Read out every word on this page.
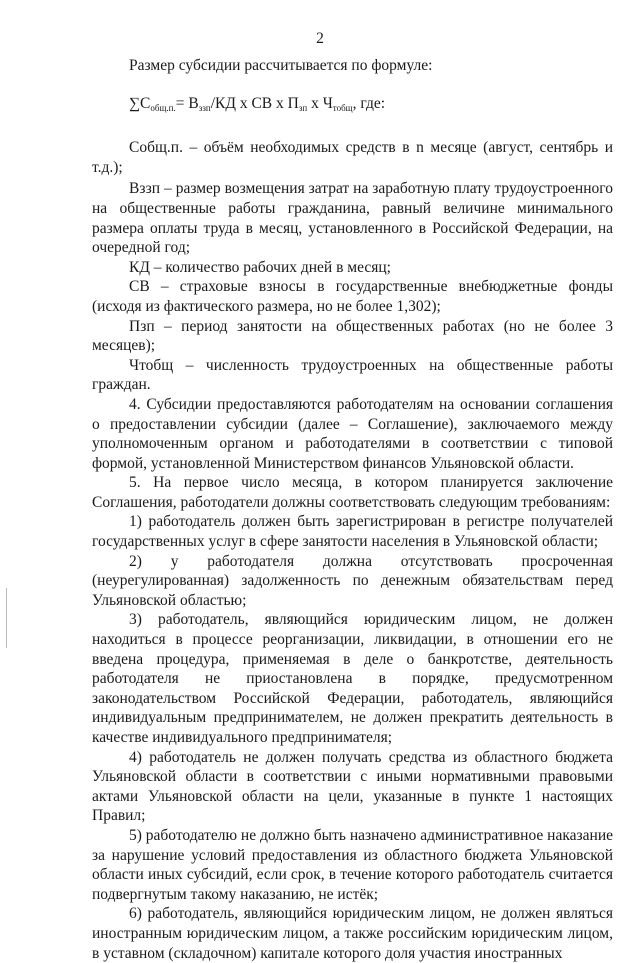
2

Размер субсидии рассчитывается по формуле:

$\sum С_{общ.п.}= В_{ззп}/КД$ х СВ х $П_{зп}$ х $Ч_{тобщ}$, где:

Собщ.п. – объём необходимых средств в n месяце (август, сентябрь и т.д.);

Вззп – размер возмещения затрат на заработную плату трудоустроенного на общественные работы гражданина, равный величине минимального размера оплаты труда в месяц, установленного в Российской Федерации, на очередной год;

КД – количество рабочих дней в месяц;

СВ – страховые взносы в государственные внебюджетные фонды (исходя из фактического размера, но не более 1,302);

Пзп – период занятости на общественных работах (но не более 3 месяцев);

Чтобщ – численность трудоустроенных на общественные работы граждан.

4. Субсидии предоставляются работодателям на основании соглашения о предоставлении субсидии (далее – Соглашение), заключаемого между уполномоченным органом и работодателями в соответствии с типовой формой, установленной Министерством финансов Ульяновской области.

5. На первое число месяца, в котором планируется заключение Соглашения, работодатели должны соответствовать следующим требованиям:

1) работодатель должен быть зарегистрирован в регистре получателей государственных услуг в сфере занятости населения в Ульяновской области;

2) у работодателя должна отсутствовать просроченная (неурегулированная) задолженность по денежным обязательствам перед Ульяновской областью;

3) работодатель, являющийся юридическим лицом, не должен находиться в процессе реорганизации, ликвидации, в отношении его не введена процедура, применяемая в деле о банкротстве, деятельность работодателя не приостановлена в порядке, предусмотренном законодательством Российской Федерации, работодатель, являющийся индивидуальным предпринимателем, не должен прекратить деятельность в качестве индивидуального предпринимателя;

4) работодатель не должен получать средства из областного бюджета Ульяновской области в соответствии с иными нормативными правовыми актами Ульяновской области на цели, указанные в пункте 1 настоящих Правил;

5) работодателю не должно быть назначено административное наказание за нарушение условий предоставления из областного бюджета Ульяновской области иных субсидий, если срок, в течение которого работодатель считается подвергнутым такому наказанию, не истёк;

6) работодатель, являющийся юридическим лицом, не должен являться иностранным юридическим лицом, а также российским юридическим лицом, в уставном (складочном) капитале которого доля участия иностранных
